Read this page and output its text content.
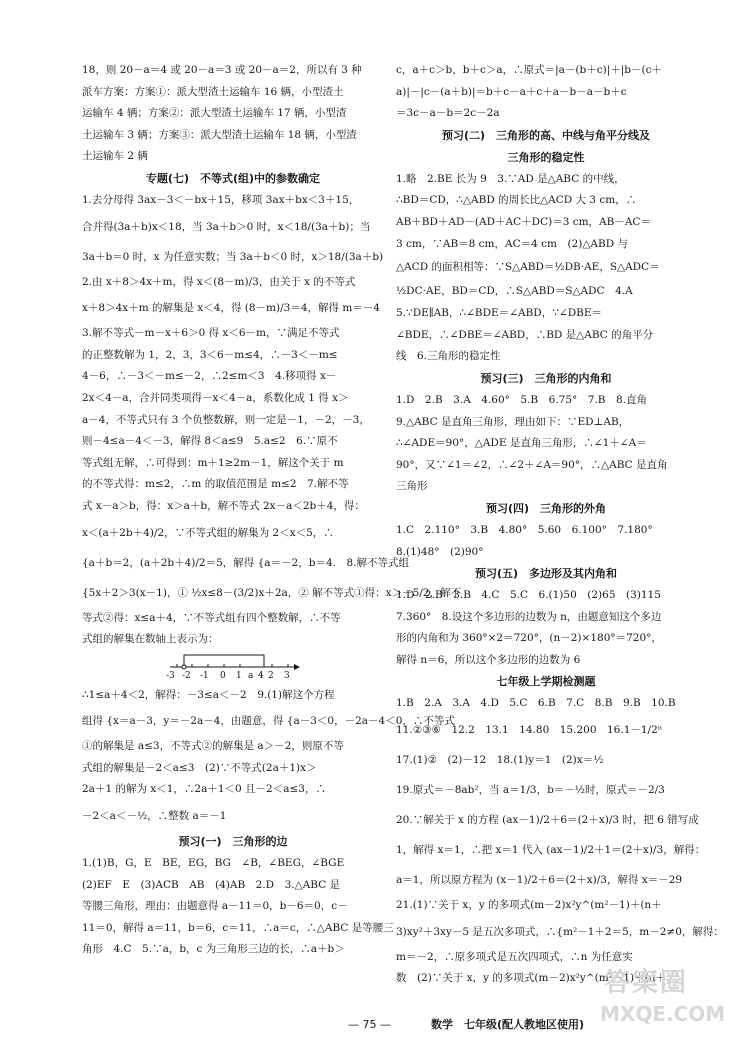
18，则 20－a＝4 或 20－a＝3 或 20－a＝2，所以有 3 种
派车方案：方案①：派大型渣土运输车 16 辆，小型渣土
运输车 4 辆；方案②：派大型渣土运输车 17 辆，小型渣
土运输车 3 辆；方案③：派大型渣土运输车 18 辆，小型渣
土运输车 2 辆
专题(七)　不等式(组)中的参数确定
1.去分母得 3ax－3＜－bx＋15，移项 3ax＋bx＜3＋15，
合并得(3a＋b)x＜18，当 3a＋b＞0 时，x＜18/(3a＋b)；当
3a＋b＝0 时，x 为任意实数；当 3a＋b＜0 时，x＞18/(3a＋b)
2.由 x＋8＞4x＋m，得 x＜(8－m)/3，由关于 x 的不等式
x＋8＞4x＋m 的解集是 x＜4，得 (8－m)/3＝4，解得 m＝－4
3.解不等式－m－x＋6＞0 得 x＜6－m，∵满足不等式
的正整数解为 1，2，3，3＜6－m≤4，∴－3＜－m≤
4－6，∴－3＜－m≤－2，∴2≤m＜3　4.移项得 x－
2x＜4－a，合并同类项得－x＜4－a，系数化成 1 得 x＞
a－4，不等式只有 3 个负整数解，则一定是－1，－2，－3，
则－4≤a－4＜－3，解得 8＜a≤9　5.a≤2　6.∵原不
等式组无解，∴可得到：m＋1≥2m－1，解这个关于 m
的不等式得：m≤2，∴m 的取值范围是 m≤2　7.解不等
式 x－a＞b，得：x＞a＋b，解不等式 2x－a＜2b＋4，得：
x＜(a＋2b＋4)/2，∵不等式组的解集为 2＜x＜5，∴
{a＋b＝2，(a＋2b＋4)/2＝5，解得 {a＝－2，b＝4.　8.解不等式组
{5x＋2＞3(x－1)，① ½x≤8－(3/2)x＋2a，② 解不等式①得：x＞－5/2，解不
等式②得：x≤a＋4，∵不等式组有四个整数解，∴不等
式组的解集在数轴上表示为：
-3 -2 -1 0 1 a 4 2 3
∴1≤a＋4＜2，解得：－3≤a＜－2　9.(1)解这个方程
组得 {x＝a－3，y＝－2a－4，由题意，得 {a－3＜0，－2a－4＜0，∴不等式
①的解集是 a≤3，不等式②的解集是 a＞－2，则原不等
式组的解集是－2＜a≤3　(2)∵不等式(2a＋1)x＞
2a＋1 的解为 x＜1，∴2a＋1＜0 且－2＜a≤3，∴
－2＜a＜－½，∴整数 a＝－1
预习(一)　三角形的边
1.(1)B，G，E　BE，EG，BG　∠B，∠BEG，∠BGE
(2)EF　E　(3)ACB　AB　(4)AB　2.D　3.△ABC 是
等腰三角形，理由：由题意得 a－11＝0，b－6＝0，c－
11＝0，解得 a＝11，b＝6，c＝11，∴a＝c，∴△ABC 是等腰三
角形　4.C　5.∵a，b，c 为三角形三边的长，∴a＋b＞
c，a＋c＞b，b＋c＞a，∴原式＝|a－(b＋c)|＋|b－(c＋
a)|－|c－(a＋b)|＝b＋c－a＋c＋a－b－a－b＋c
＝3c－a－b＝2c－2a
预习(二)　三角形的高、中线与角平分线及
三角形的稳定性
1.略　2.BE 长为 9　3.∵AD 是△ABC 的中线，
∴BD＝CD，∴△ABD 的周长比△ACD 大 3 cm，∴
AB＋BD＋AD－(AD＋AC＋DC)＝3 cm，AB－AC＝
3 cm，∵AB＝8 cm，AC＝4 cm　(2)△ABD 与
△ACD 的面积相等：∵S△ABD＝½DB·AE，S△ADC＝
½DC·AE，BD＝CD，∴S△ABD＝S△ADC　4.A
5.∵DE∥AB，∴∠BDE＝∠ABD，∵∠DBE＝
∠BDE，∴∠DBE＝∠ABD，∴BD 是△ABC 的角平分
线　6.三角形的稳定性
预习(三)　三角形的内角和
1.D　2.B　3.A　4.60°　5.B　6.75°　7.B　8.直角
9.△ABC 是直角三角形，理由如下：∵ED⊥AB，
∴∠ADE＝90°，△ADE 是直角三角形，∴∠1＋∠A＝
90°，又∵∠1＝∠2，∴∠2＋∠A＝90°，∴△ABC 是直角
三角形
预习(四)　三角形的外角
1.C　2.110°　3.B　4.80°　5.60　6.100°　7.180°
8.(1)48°　(2)90°
预习(五)　多边形及其内角和
1.D　2.B　3.B　4.C　5.C　6.(1)50　(2)65　(3)115
7.360°　8.设这个多边形的边数为 n，由题意知这个多边
形的内角和为 360°×2＝720°，(n－2)×180°＝720°，
解得 n＝6，所以这个多边形的边数为 6
七年级上学期检测题
1.B　2.A　3.A　4.D　5.C　6.B　7.C　8.B　9.B　10.B
11.②③⑥　12.2　13.1　14.80　15.200　16.1－1/2ⁿ
17.(1)②　(2)－12　18.(1)y＝1　(2)x＝½
19.原式＝－8ab²，当 a＝1/3，b＝－½时，原式＝－2/3
20.∵解关于 x 的方程 (ax－1)/2＋6＝(2＋x)/3 时，把 6 错写成
1，解得 x＝1，∴把 x＝1 代入 (ax－1)/2＋1＝(2＋x)/3，解得：
a＝1，所以原方程为 (x－1)/2＋6＝(2＋x)/3，解得 x＝－29
21.(1)∵关于 x，y 的多项式(m－2)x²y^(m²－1)＋(n＋
3)xy²＋3xy－5 是五次多项式，∴{m²－1＋2＝5，m－2≠0，解得：
m＝－2，∴原多项式是五次四项式，∴n 为任意实
数　(2)∵关于 x，y 的多项式(m－2)x²y^(m²－1)＋(n＋
— 75 —	数学　七年级(配人教地区使用)
答案圈
MXQE.COM
